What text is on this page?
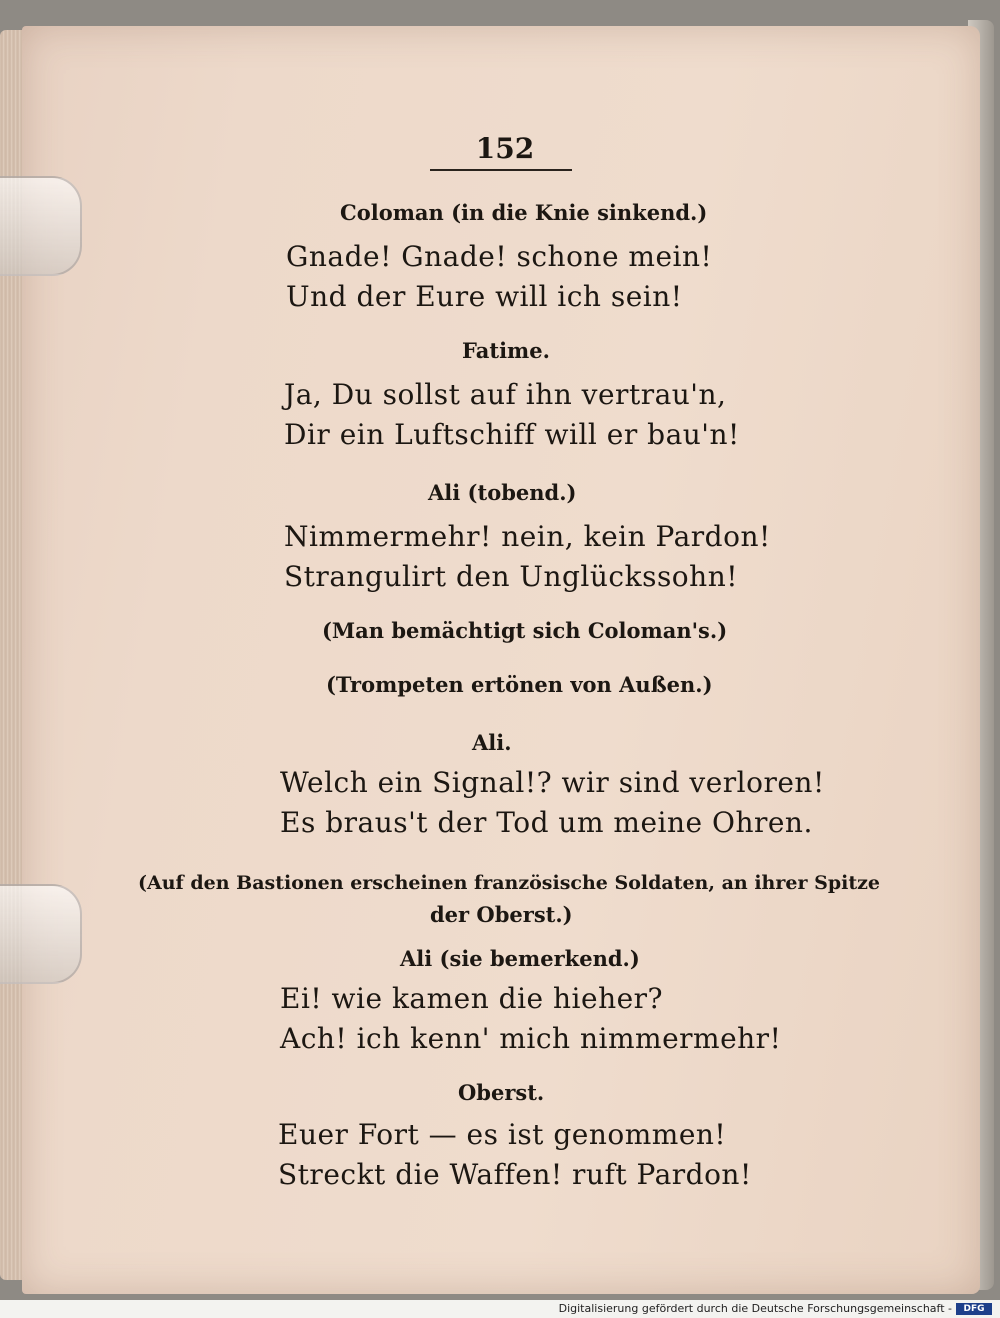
152
Coloman (in die Knie sinkend.)
Gnade! Gnade! schone mein!
Und der Eure will ich sein!
Fatime.
Ja, Du sollst auf ihn vertrau'n,
Dir ein Luftschiff will er bau'n!
Ali (tobend.)
Nimmermehr! nein, kein Pardon!
Strangulirt den Unglückssohn!
(Man bemächtigt sich Coloman's.)
(Trompeten ertönen von Außen.)
Ali.
Welch ein Signal!? wir sind verloren!
Es braus't der Tod um meine Ohren.
(Auf den Bastionen erscheinen französische Soldaten, an ihrer Spitze
der Oberst.)
Ali (sie bemerkend.)
Ei! wie kamen die hieher?
Ach! ich kenn' mich nimmermehr!
Oberst.
Euer Fort — es ist genommen!
Streckt die Waffen! ruft Pardon!
Digitalisierung gefördert durch die Deutsche Forschungsgemeinschaft -	DFG
